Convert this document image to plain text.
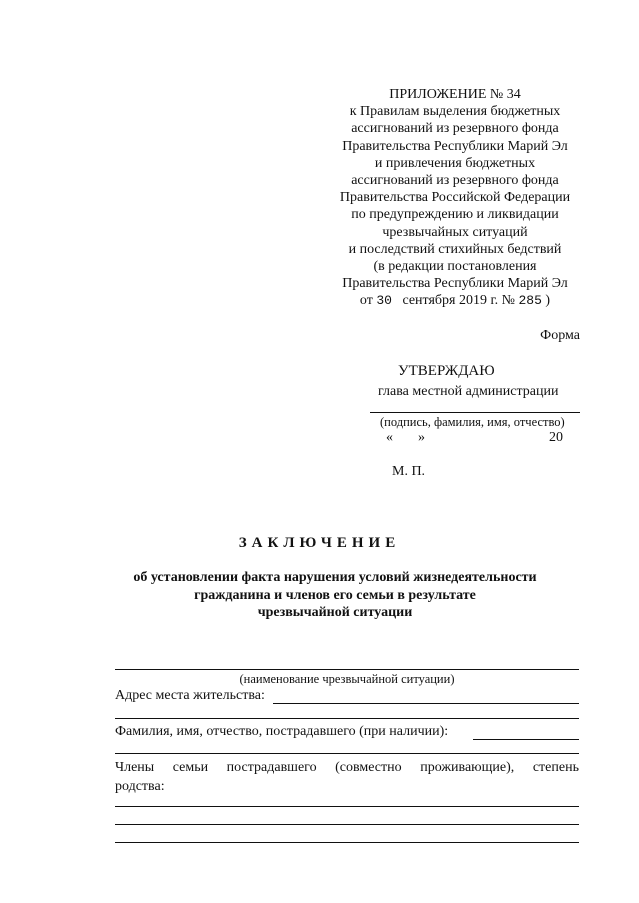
ПРИЛОЖЕНИЕ № 34
к Правилам выделения бюджетных
ассигнований из резервного фонда
Правительства Республики Марий Эл
и привлечения бюджетных
ассигнований из резервного фонда
Правительства Российской Федерации
по предупреждению и ликвидации
чрезвычайных ситуаций
и последствий стихийных бедствий
(в редакции постановления
Правительства Республики Марий Эл
от 30 сентября 2019 г. № 285 )
Форма
УТВЕРЖДАЮ
глава местной администрации
(подпись, фамилия, имя, отчество)
« »	20
М. П.
ЗАКЛЮЧЕНИЕ
об установлении факта нарушения условий жизнедеятельности
гражданина и членов его семьи в результате
чрезвычайной ситуации
(наименование чрезвычайной ситуации)
Адрес места жительства:
Фамилия, имя, отчество, пострадавшего (при наличии):
Члены семьи пострадавшего (совместно проживающие), степень
родства:
